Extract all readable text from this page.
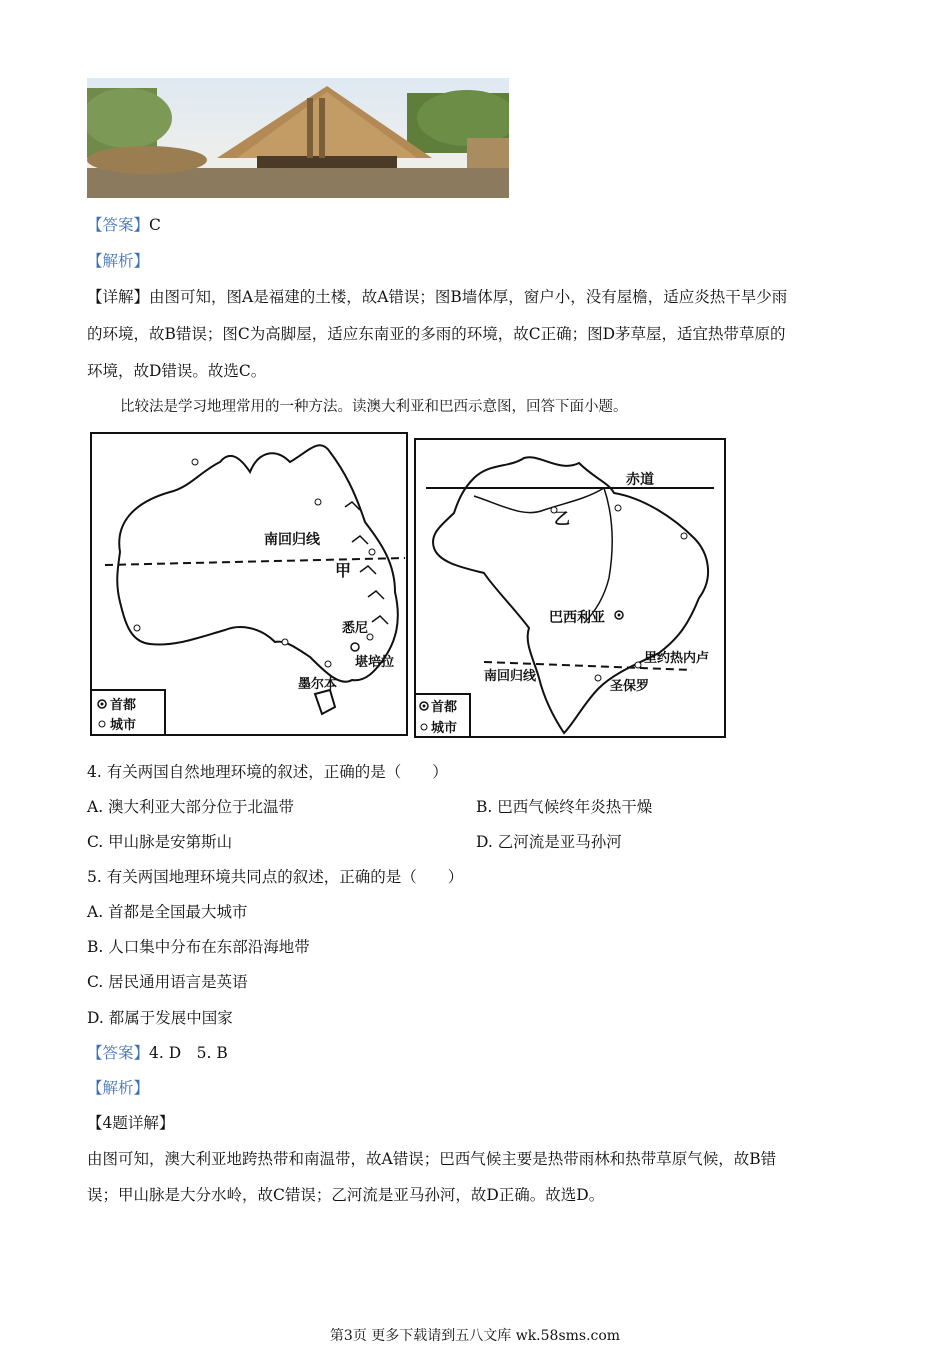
【答案】C
【解析】
【详解】由图可知，图A是福建的土楼，故A错误；图B墙体厚，窗户小，没有屋檐，适应炎热干旱少雨
的环境，故B错误；图C为高脚屋，适应东南亚的多雨的环境，故C正确；图D茅草屋，适宜热带草原的
环境，故D错误。故选C。
比较法是学习地理常用的一种方法。读澳大利亚和巴西示意图，回答下面小题。
南回归线
甲
悉尼
堪培拉
墨尔本
首都
城市
赤道
乙
巴西利亚
南回归线
里约热内卢
圣保罗
首都
城市
4. 有关两国自然地理环境的叙述，正确的是（　　）
A. 澳大利亚大部分位于北温带	B. 巴西气候终年炎热干燥
C. 甲山脉是安第斯山	D. 乙河流是亚马孙河
5. 有关两国地理环境共同点的叙述，正确的是（　　）
A. 首都是全国最大城市
B. 人口集中分布在东部沿海地带
C. 居民通用语言是英语
D. 都属于发展中国家
【答案】4. D　5. B
【解析】
【4题详解】
由图可知，澳大利亚地跨热带和南温带，故A错误；巴西气候主要是热带雨林和热带草原气候，故B错
误；甲山脉是大分水岭，故C错误；乙河流是亚马孙河，故D正确。故选D。
第3页 更多下载请到五八文库 wk.58sms.com
